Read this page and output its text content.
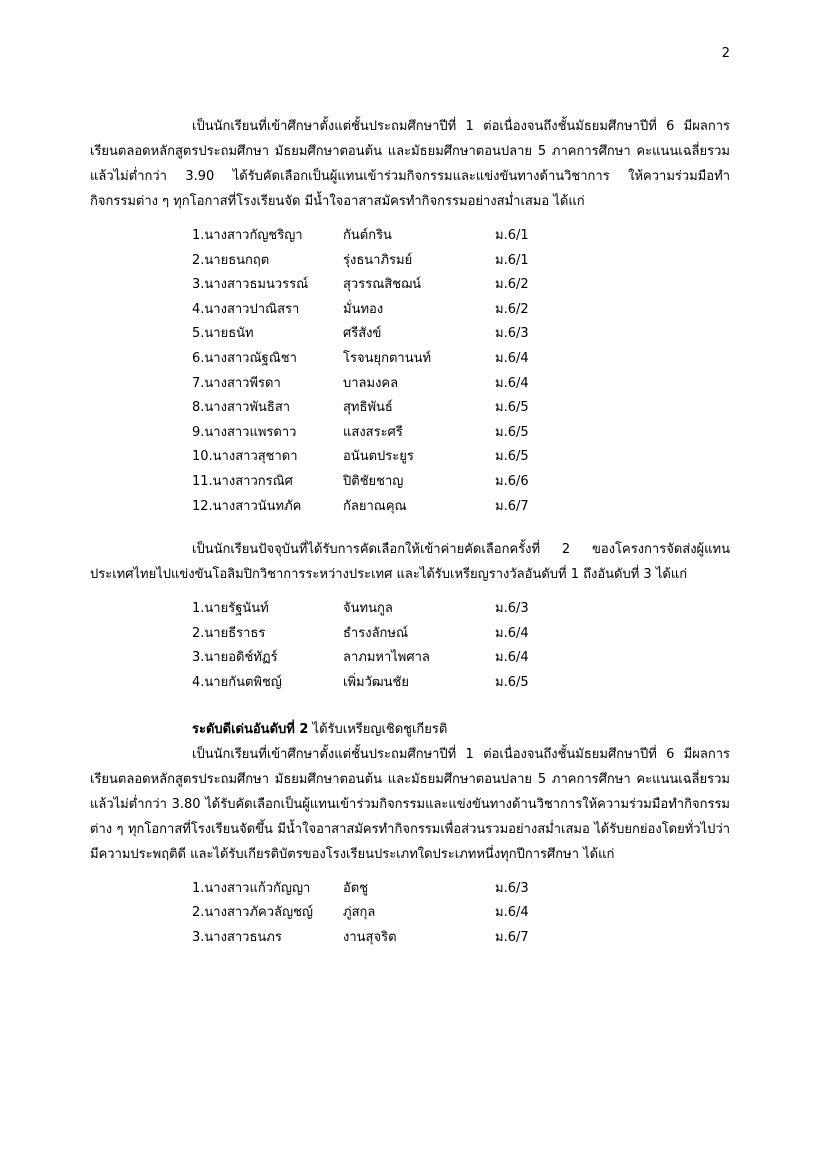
2

เป็นนักเรียนที่เข้าศึกษาตั้งแต่ชั้นประถมศึกษาปีที่ 1 ต่อเนื่องจนถึงชั้นมัธยมศึกษาปีที่ 6 มีผลการเรียนตลอดหลักสูตรประถมศึกษา มัธยมศึกษาตอนต้น และมัธยมศึกษาตอนปลาย 5 ภาคการศึกษา คะแนนเฉลี่ยรวมแล้วไม่ต่ำกว่า 3.90 ได้รับคัดเลือกเป็นผู้แทนเข้าร่วมกิจกรรมและแข่งขันทางด้านวิชาการ ให้ความร่วมมือทำกิจกรรมต่าง ๆ ทุกโอกาสที่โรงเรียนจัด มีน้ำใจอาสาสมัครทำกิจกรรมอย่างสม่ำเสมอ ได้แก่

1.นางสาวกัญชริญา	กันต์กริน	ม.6/1
2.นายธนกฤต	รุ่งธนาภิรมย์	ม.6/1
3.นางสาวธมนวรรณ์	สุวรรณสิชฌน์	ม.6/2
4.นางสาวปาณิสรา	มั่นทอง	ม.6/2
5.นายธนัท	ศรีสังข์	ม.6/3
6.นางสาวณัฐณิชา	โรจนยุกตานนท์	ม.6/4
7.นางสาวพีรดา	บาลมงคล	ม.6/4
8.นางสาวพันธิสา	สุทธิพันธ์	ม.6/5
9.นางสาวแพรดาว	แสงสระศรี	ม.6/5
10.นางสาวสุชาดา	อนันตประยูร	ม.6/5
11.นางสาวกรณิศ	ปิติชัยชาญ	ม.6/6
12.นางสาวนันทภัค	กัลยาณคุณ	ม.6/7

เป็นนักเรียนปัจจุบันที่ได้รับการคัดเลือกให้เข้าค่ายคัดเลือกครั้งที่ 2 ของโครงการจัดส่งผู้แทนประเทศไทยไปแข่งขันโอลิมปิกวิชาการระหว่างประเทศ และได้รับเหรียญรางวัลอันดับที่ 1 ถึงอันดับที่ 3 ได้แก่

1.นายรัฐนันท์	จันทนกูล	ม.6/3
2.นายธีราธร	ธำรงลักษณ์	ม.6/4
3.นายอดิช์ทัฏร์	ลาภมหาไพศาล	ม.6/4
4.นายกันตพิชญ์	เพิ่มวัฒนชัย	ม.6/5

ระดับดีเด่นอันดับที่ 2 ได้รับเหรียญเชิดชูเกียรติ

เป็นนักเรียนที่เข้าศึกษาตั้งแต่ชั้นประถมศึกษาปีที่ 1 ต่อเนื่องจนถึงชั้นมัธยมศึกษาปีที่ 6 มีผลการเรียนตลอดหลักสูตรประถมศึกษา มัธยมศึกษาตอนต้น และมัธยมศึกษาตอนปลาย 5 ภาคการศึกษา คะแนนเฉลี่ยรวมแล้วไม่ต่ำกว่า 3.80 ได้รับคัดเลือกเป็นผู้แทนเข้าร่วมกิจกรรมและแข่งขันทางด้านวิชาการให้ความร่วมมือทำกิจกรรมต่าง ๆ ทุกโอกาสที่โรงเรียนจัดขึ้น มีน้ำใจอาสาสมัครทำกิจกรรมเพื่อส่วนรวมอย่างสม่ำเสมอ ได้รับยกย่องโดยทั่วไปว่ามีความประพฤติดี และได้รับเกียรติบัตรของโรงเรียนประเภทใดประเภทหนึ่งทุกปีการศึกษา ได้แก่

1.นางสาวแก้วกัญญา	อัตชู	ม.6/3
2.นางสาวภัควลัญชญ์	ภู่สกุล	ม.6/4
3.นางสาวธนภร	งานสุจริต	ม.6/7
